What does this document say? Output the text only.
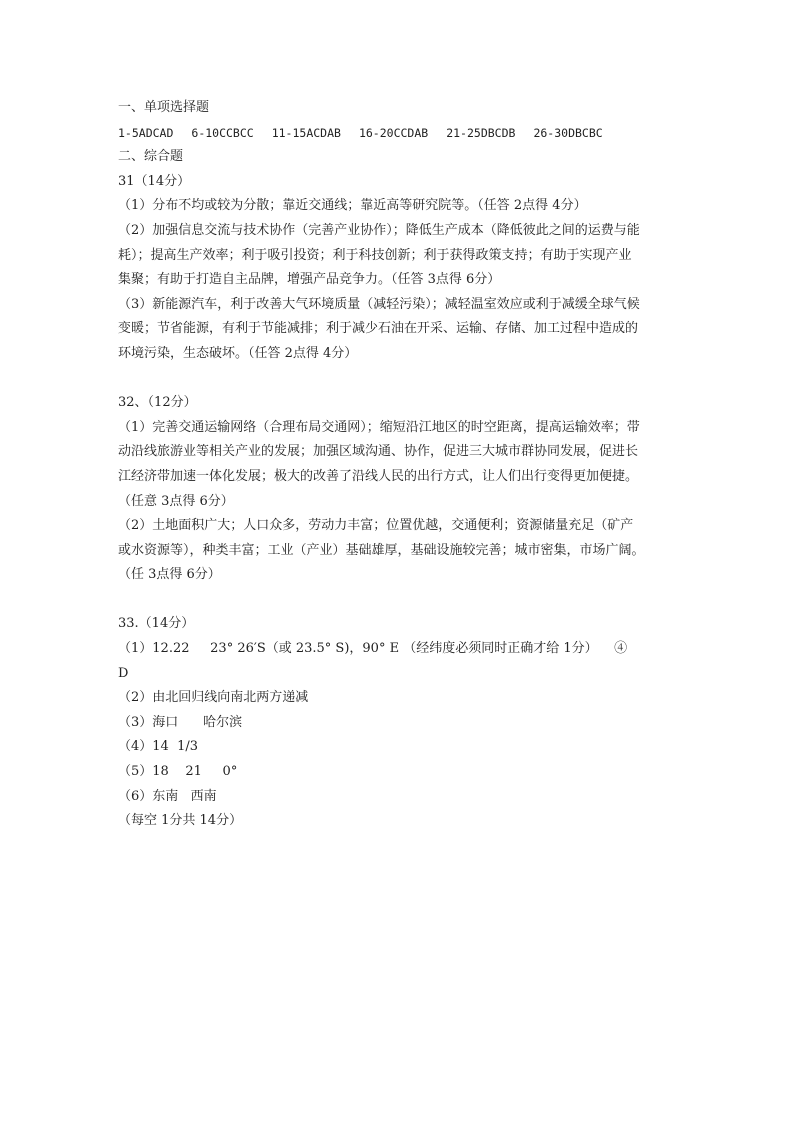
一、单项选择题
1-5ADCAD 6-10CCBCC 11-15ACDAB 16-20CCDAB 21-25DBCDB 26-30DBCBC
二、综合题
31（14分）
（1）分布不均或较为分散；靠近交通线；靠近高等研究院等。（任答 2点得 4分）
（2）加强信息交流与技术协作（完善产业协作）；降低生产成本（降低彼此之间的运费与能
耗）；提高生产效率；利于吸引投资；利于科技创新；利于获得政策支持；有助于实现产业
集聚；有助于打造自主品牌，增强产品竞争力。（任答 3点得 6分）
（3）新能源汽车，利于改善大气环境质量（减轻污染）；减轻温室效应或利于减缓全球气候
变暖；节省能源，有利于节能减排；利于减少石油在开采、运输、存储、加工过程中造成的
环境污染，生态破坏。（任答 2点得 4分）
32、（12分）
（1）完善交通运输网络（合理布局交通网）；缩短沿江地区的时空距离，提高运输效率；带
动沿线旅游业等相关产业的发展；加强区域沟通、协作，促进三大城市群协同发展，促进长
江经济带加速一体化发展；极大的改善了沿线人民的出行方式，让人们出行变得更加便捷。
（任意 3点得 6分）
（2）土地面积广大；人口众多，劳动力丰富；位置优越，交通便利；资源储量充足（矿产
或水资源等），种类丰富；工业（产业）基础雄厚，基础设施较完善；城市密集，市场广阔。
（任 3点得 6分）
33.（14分）
（1）12.22     23° 26′S（或 23.5° S)，90° E （经纬度必须同时正确才给 1分）    ④
D
（2）由北回归线向南北两方递减
（3）海口      哈尔滨
（4）14  1/3
（5）18    21     0°
（6）东南   西南
（每空 1分共 14分）
